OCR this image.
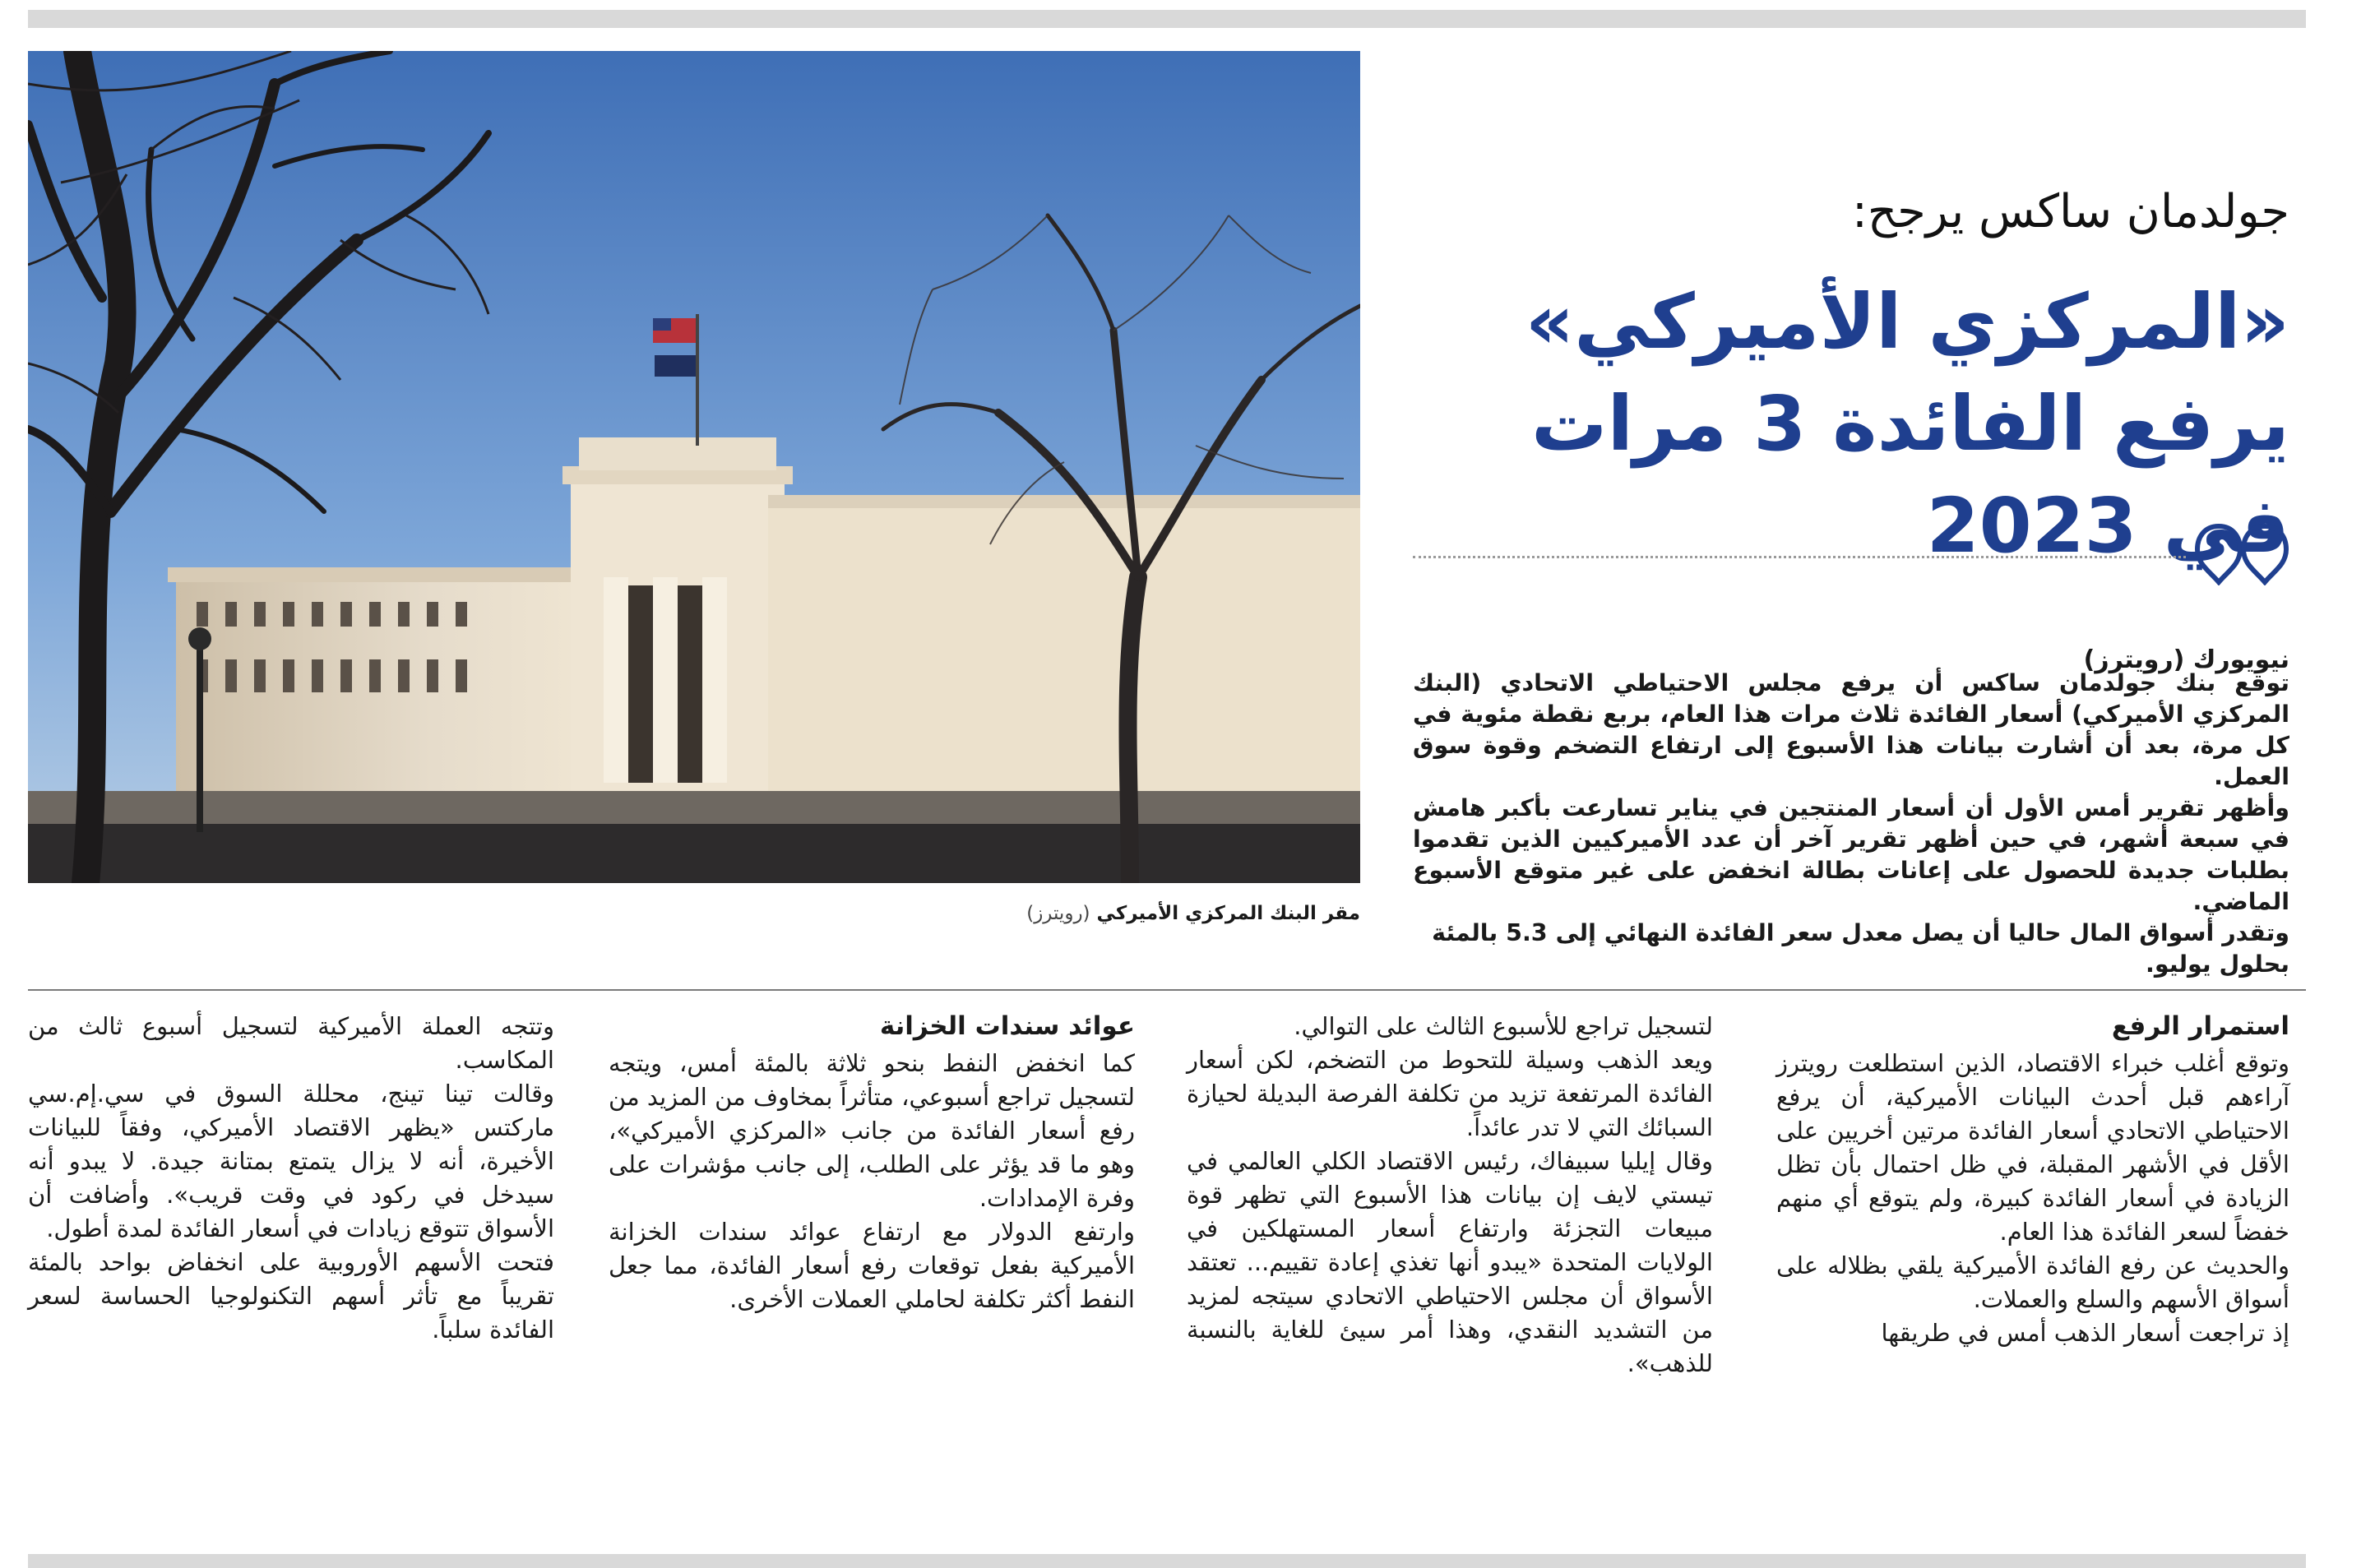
مقر البنك المركزي الأميركي (رويترز)
جولدمان ساكس يرجح:
«المركزي الأميركي» يرفع الفائدة 3 مرات في 2023
نيويورك (رويترز)

توقع بنك جولدمان ساكس أن يرفع مجلس الاحتياطي الاتحادي (البنك المركزي الأميركي) أسعار الفائدة ثلاث مرات هذا العام، بربع نقطة مئوية في كل مرة، بعد أن أشارت بيانات هذا الأسبوع إلى ارتفاع التضخم وقوة سوق العمل.

وأظهر تقرير أمس الأول أن أسعار المنتجين في يناير تسارعت بأكبر هامش في سبعة أشهر، في حين أظهر تقرير آخر أن عدد الأميركيين الذين تقدموا بطلبات جديدة للحصول على إعانات بطالة انخفض على غير متوقع الأسبوع الماضي.

وتقدر أسواق المال حاليا أن يصل معدل سعر الفائدة النهائي إلى 5.3 بالمئة بحلول يوليو.

استمرار الرفع

وتوقع أغلب خبراء الاقتصاد، الذين استطلعت رويترز آراءهم قبل أحدث البيانات الأميركية، أن يرفع الاحتياطي الاتحادي أسعار الفائدة مرتين أخريين على الأقل في الأشهر المقبلة، في ظل احتمال بأن تظل الزيادة في أسعار الفائدة كبيرة، ولم يتوقع أي منهم خفضاً لسعر الفائدة هذا العام.

والحديث عن رفع الفائدة الأميركية يلقي بظلاله على أسواق الأسهم والسلع والعملات.

إذ تراجعت أسعار الذهب أمس في طريقها

لتسجيل تراجع للأسبوع الثالث على التوالي.

ويعد الذهب وسيلة للتحوط من التضخم، لكن أسعار الفائدة المرتفعة تزيد من تكلفة الفرصة البديلة لحيازة السبائك التي لا تدر عائداً.

وقال إيليا سبيفاك، رئيس الاقتصاد الكلي العالمي في تيستي لايف إن بيانات هذا الأسبوع التي تظهر قوة مبيعات التجزئة وارتفاع أسعار المستهلكين في الولايات المتحدة «يبدو أنها تغذي إعادة تقييم... تعتقد الأسواق أن مجلس الاحتياطي الاتحادي سيتجه لمزيد من التشديد النقدي، وهذا أمر سيئ للغاية بالنسبة للذهب».

عوائد سندات الخزانة

كما انخفض النفط بنحو ثلاثة بالمئة أمس، ويتجه لتسجيل تراجع أسبوعي، متأثراً بمخاوف من المزيد من رفع أسعار الفائدة من جانب «المركزي الأميركي»، وهو ما قد يؤثر على الطلب، إلى جانب مؤشرات على وفرة الإمدادات.

وارتفع الدولار مع ارتفاع عوائد سندات الخزانة الأميركية بفعل توقعات رفع أسعار الفائدة، مما جعل النفط أكثر تكلفة لحاملي العملات الأخرى.

وتتجه العملة الأميركية لتسجيل أسبوع ثالث من المكاسب.

وقالت تينا تينج، محللة السوق في سي.إم.سي ماركتس «يظهر الاقتصاد الأميركي، وفقاً للبيانات الأخيرة، أنه لا يزال يتمتع بمتانة جيدة. لا يبدو أنه سيدخل في ركود في وقت قريب». وأضافت أن الأسواق تتوقع زيادات في أسعار الفائدة لمدة أطول.

فتحت الأسهم الأوروبية على انخفاض بواحد بالمئة تقريباً مع تأثر أسهم التكنولوجيا الحساسة لسعر الفائدة سلباً.
